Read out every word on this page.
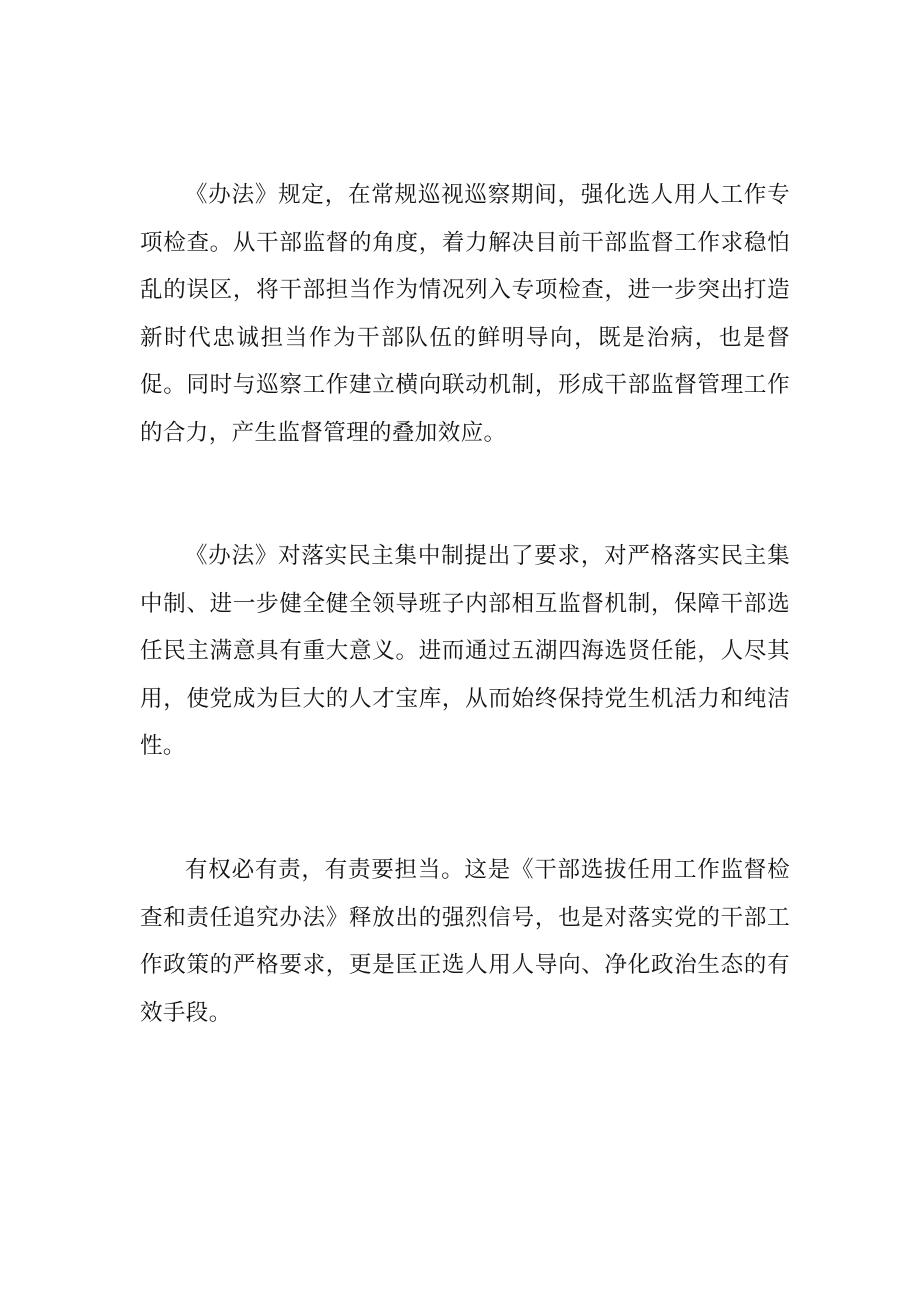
《办法》规定，在常规巡视巡察期间，强化选人用人工作专项检查。从干部监督的角度，着力解决目前干部监督工作求稳怕乱的误区，将干部担当作为情况列入专项检查，进一步突出打造新时代忠诚担当作为干部队伍的鲜明导向，既是治病，也是督促。同时与巡察工作建立横向联动机制，形成干部监督管理工作的合力，产生监督管理的叠加效应。

《办法》对落实民主集中制提出了要求，对严格落实民主集中制、进一步健全健全领导班子内部相互监督机制，保障干部选任民主满意具有重大意义。进而通过五湖四海选贤任能，人尽其用，使党成为巨大的人才宝库，从而始终保持党生机活力和纯洁性。

有权必有责，有责要担当。这是《干部选拔任用工作监督检查和责任追究办法》释放出的强烈信号，也是对落实党的干部工作政策的严格要求，更是匡正选人用人导向、净化政治生态的有效手段。
